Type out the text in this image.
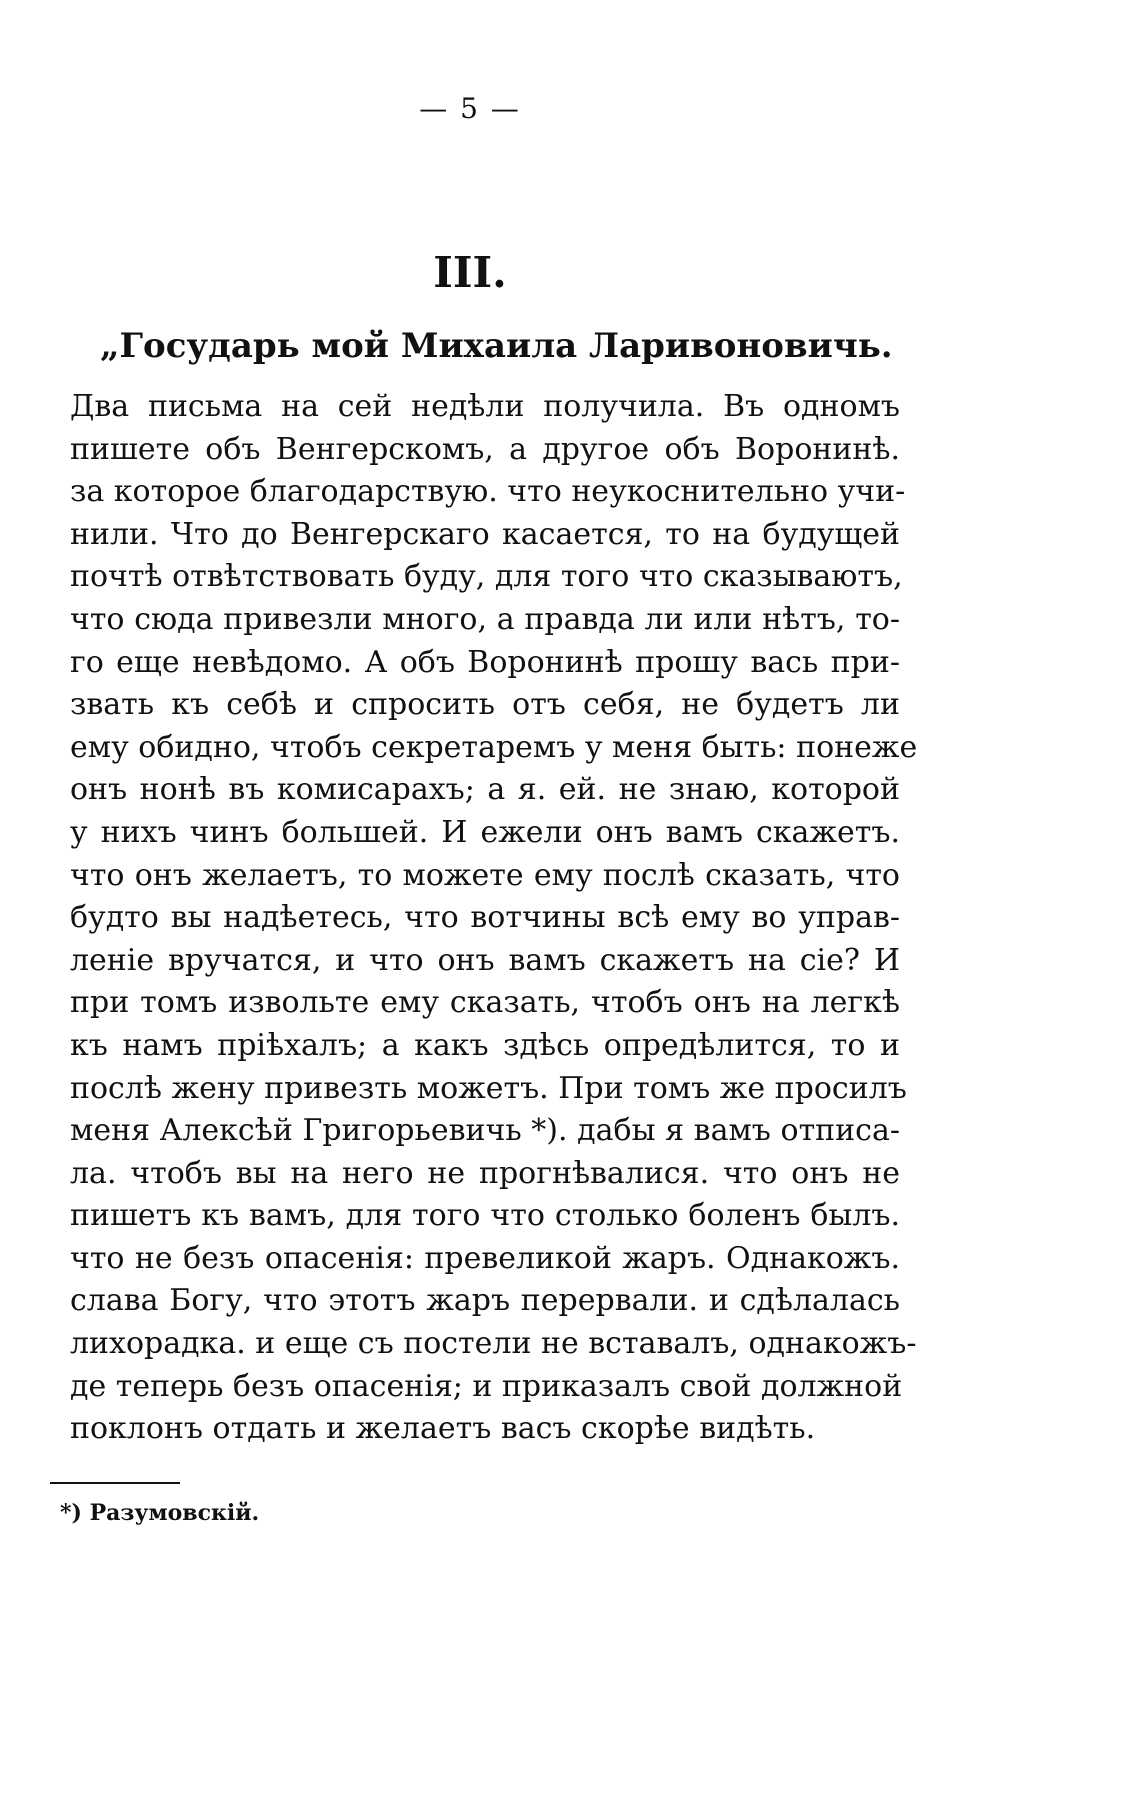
— 5 —
III.
„Государь мой Михаила Ларивоновичь.
Два письма на сей недѣли получила. Въ одномъ
пишете объ Венгерскомъ, а другое объ Воронинѣ.
за которое благодарствую. что неукоснительно учи-
нили. Что до Венгерскаго касается, то на будущей
почтѣ отвѣтствовать буду, для того что сказываютъ,
что сюда привезли много, а правда ли или нѣтъ, то-
го еще невѣдомо. А объ Воронинѣ прошу вась при-
звать къ себѣ и спросить отъ себя, не будетъ ли
ему обидно, чтобъ секретаремъ у меня быть: понеже
онъ нонѣ въ комисарахъ; а я. ей. не знаю, которой
у нихъ чинъ большей. И ежели онъ вамъ скажетъ.
что онъ желаетъ, то можете ему послѣ сказать, что
будто вы надѣетесь, что вотчины всѣ ему во управ-
леніе вручатся, и что онъ вамъ скажетъ на сіе? И
при томъ извольте ему сказать, чтобъ онъ на легкѣ
къ намъ пріѣхалъ; а какъ здѣсь опредѣлится, то и
послѣ жену привезть можетъ. При томъ же просилъ
меня Алексѣй Григорьевичь *). дабы я вамъ отписа-
ла. чтобъ вы на него не прогнѣвалися. что онъ не
пишетъ къ вамъ, для того что столько боленъ былъ.
что не безъ опасенія: превеликой жаръ. Однакожъ.
слава Богу, что этотъ жаръ перервали. и сдѣлалась
лихорадка. и еще съ постели не вставалъ, однакожъ-
де теперь безъ опасенія; и приказалъ свой должной
поклонъ отдать и желаетъ васъ скорѣе видѣть.
*) Разумовскій.
